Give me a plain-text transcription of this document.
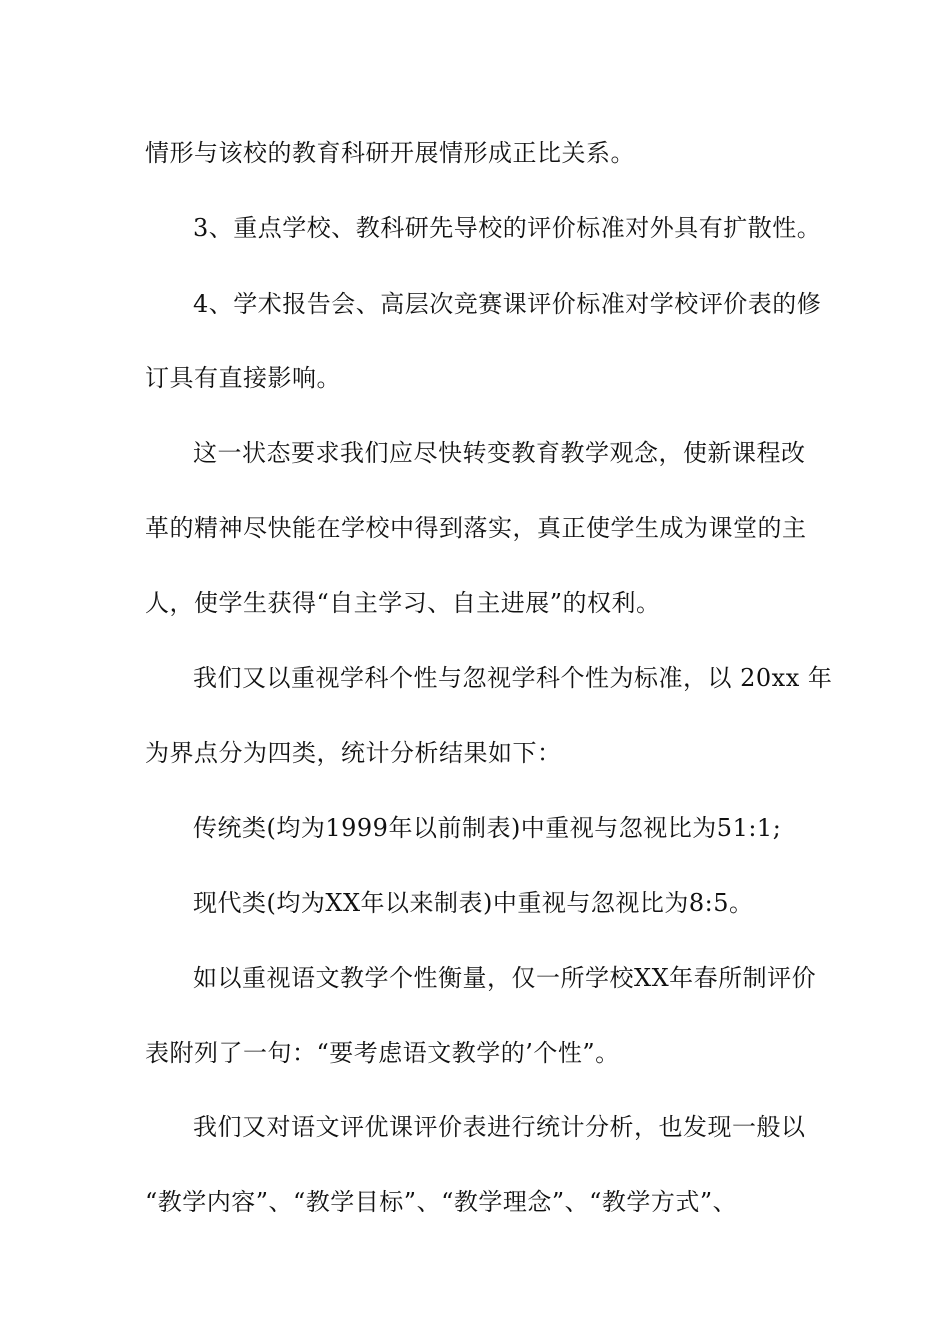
情形与该校的教育科研开展情形成正比关系。
3、重点学校、教科研先导校的评价标准对外具有扩散性。
4、学术报告会、高层次竞赛课评价标准对学校评价表的修
订具有直接影响。
这一状态要求我们应尽快转变教育教学观念，使新课程改
革的精神尽快能在学校中得到落实，真正使学生成为课堂的主
人，使学生获得“自主学习、自主进展”的权利。
我们又以重视学科个性与忽视学科个性为标准，以 20xx 年
为界点分为四类，统计分析结果如下：
传统类(均为1999年以前制表)中重视与忽视比为51:1;
现代类(均为XX年以来制表)中重视与忽视比为8:5。
如以重视语文教学个性衡量，仅一所学校XX年春所制评价
表附列了一句：“要考虑语文教学的’个性”。
我们又对语文评优课评价表进行统计分析，也发现一般以
“教学内容”、“教学目标”、“教学理念”、“教学方式”、
